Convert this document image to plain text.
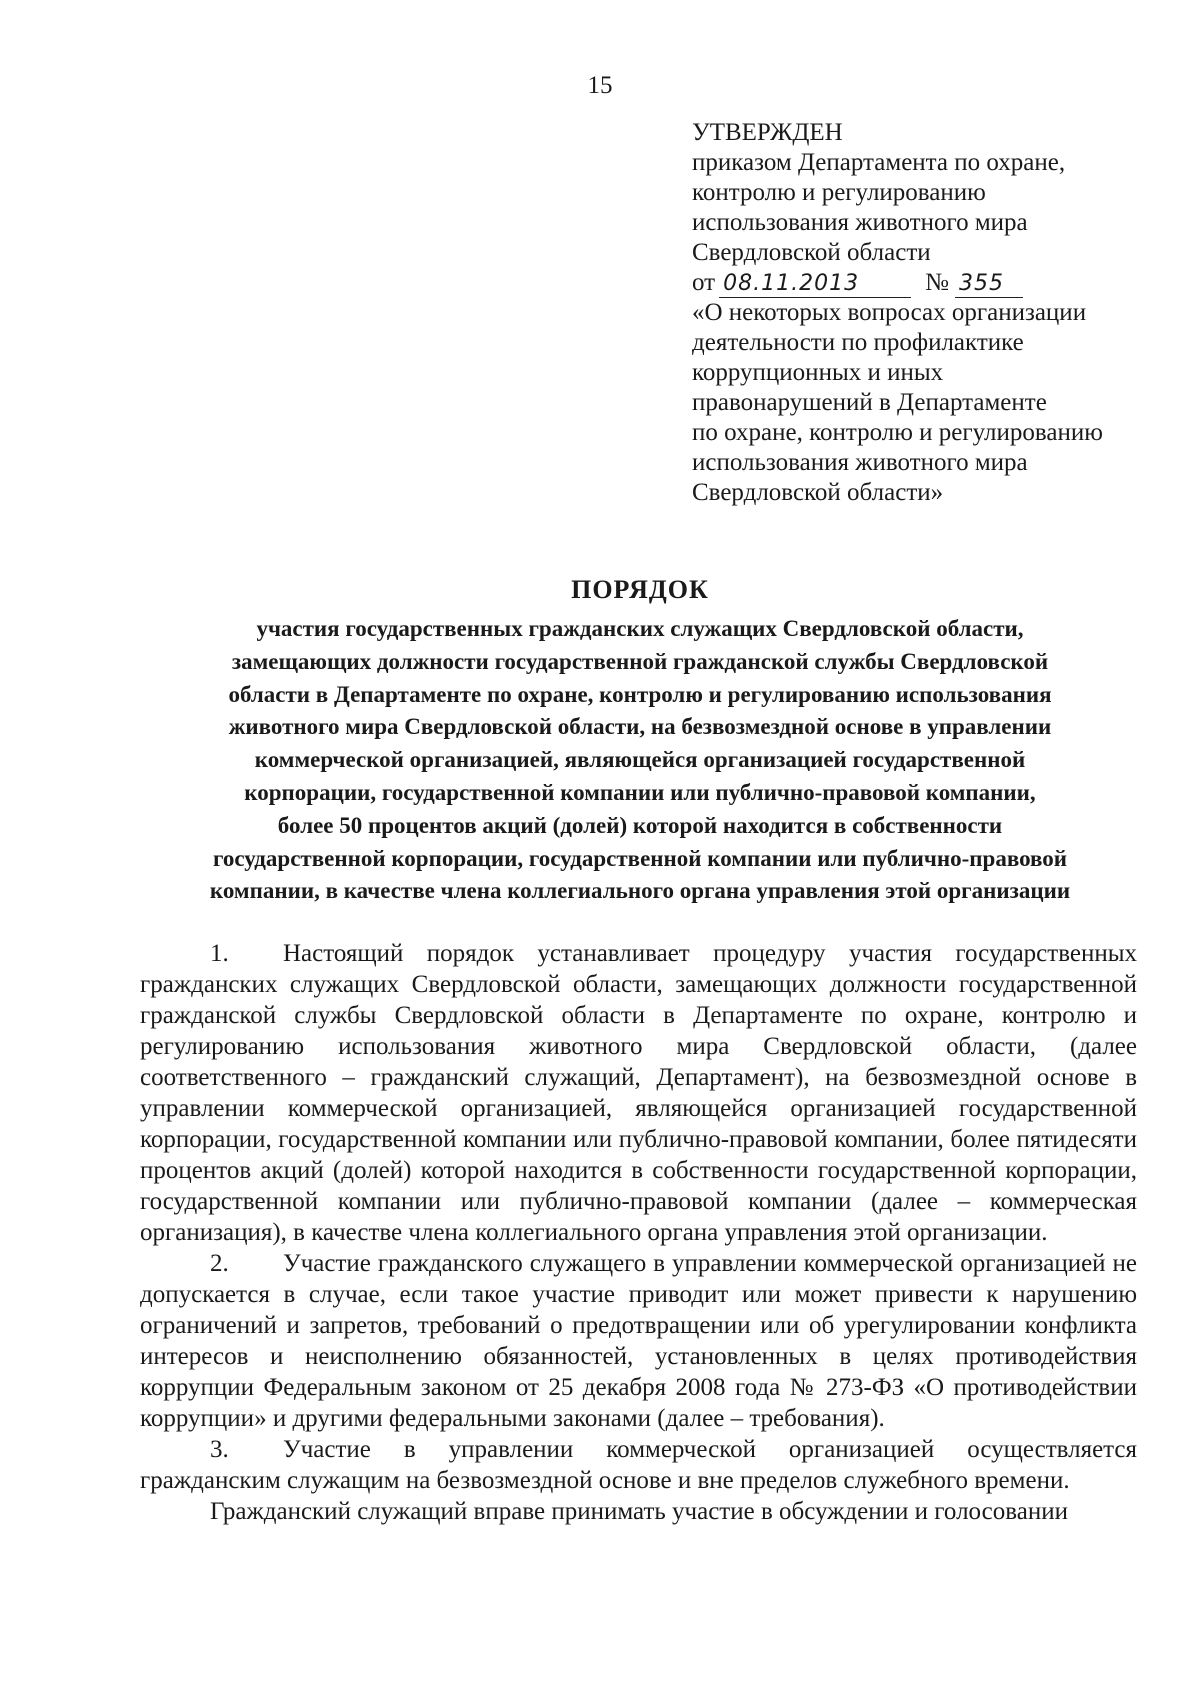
15
УТВЕРЖДЕН
приказом Департамента по охране,
контролю и регулированию
использования животного мира
Свердловской области
от 08.11.2013	№ 355
«О некоторых вопросах организации
деятельности по профилактике
коррупционных и иных
правонарушений в Департаменте
по охране, контролю и регулированию
использования животного мира
Свердловской области»
ПОРЯДОК
участия государственных гражданских служащих Свердловской области,
замещающих должности государственной гражданской службы Свердловской
области в Департаменте по охране, контролю и регулированию использования
животного мира Свердловской области, на безвозмездной основе в управлении
коммерческой организацией, являющейся организацией государственной
корпорации, государственной компании или публично-правовой компании,
более 50 процентов акций (долей) которой находится в собственности
государственной корпорации, государственной компании или публично-правовой
компании, в качестве члена коллегиального органа управления этой организации

1. Настоящий порядок устанавливает процедуру участия государственных гражданских служащих Свердловской области, замещающих должности государственной гражданской службы Свердловской области в Департаменте по охране, контролю и регулированию использования животного мира Свердловской области, (далее соответственного – гражданский служащий, Департамент), на безвозмездной основе в управлении коммерческой организацией, являющейся организацией государственной корпорации, государственной компании или публично-правовой компании, более пятидесяти процентов акций (долей) которой находится в собственности государственной корпорации, государственной компании или публично-правовой компании (далее – коммерческая организация), в качестве члена коллегиального органа управления этой организации.

2. Участие гражданского служащего в управлении коммерческой организацией не допускается в случае, если такое участие приводит или может привести к нарушению ограничений и запретов, требований о предотвращении или об урегулировании конфликта интересов и неисполнению обязанностей, установленных в целях противодействия коррупции Федеральным законом от 25 декабря 2008 года № 273-ФЗ «О противодействии коррупции» и другими федеральными законами (далее – требования).

3. Участие в управлении коммерческой организацией осуществляется гражданским служащим на безвозмездной основе и вне пределов служебного времени.

Гражданский служащий вправе принимать участие в обсуждении и голосовании
